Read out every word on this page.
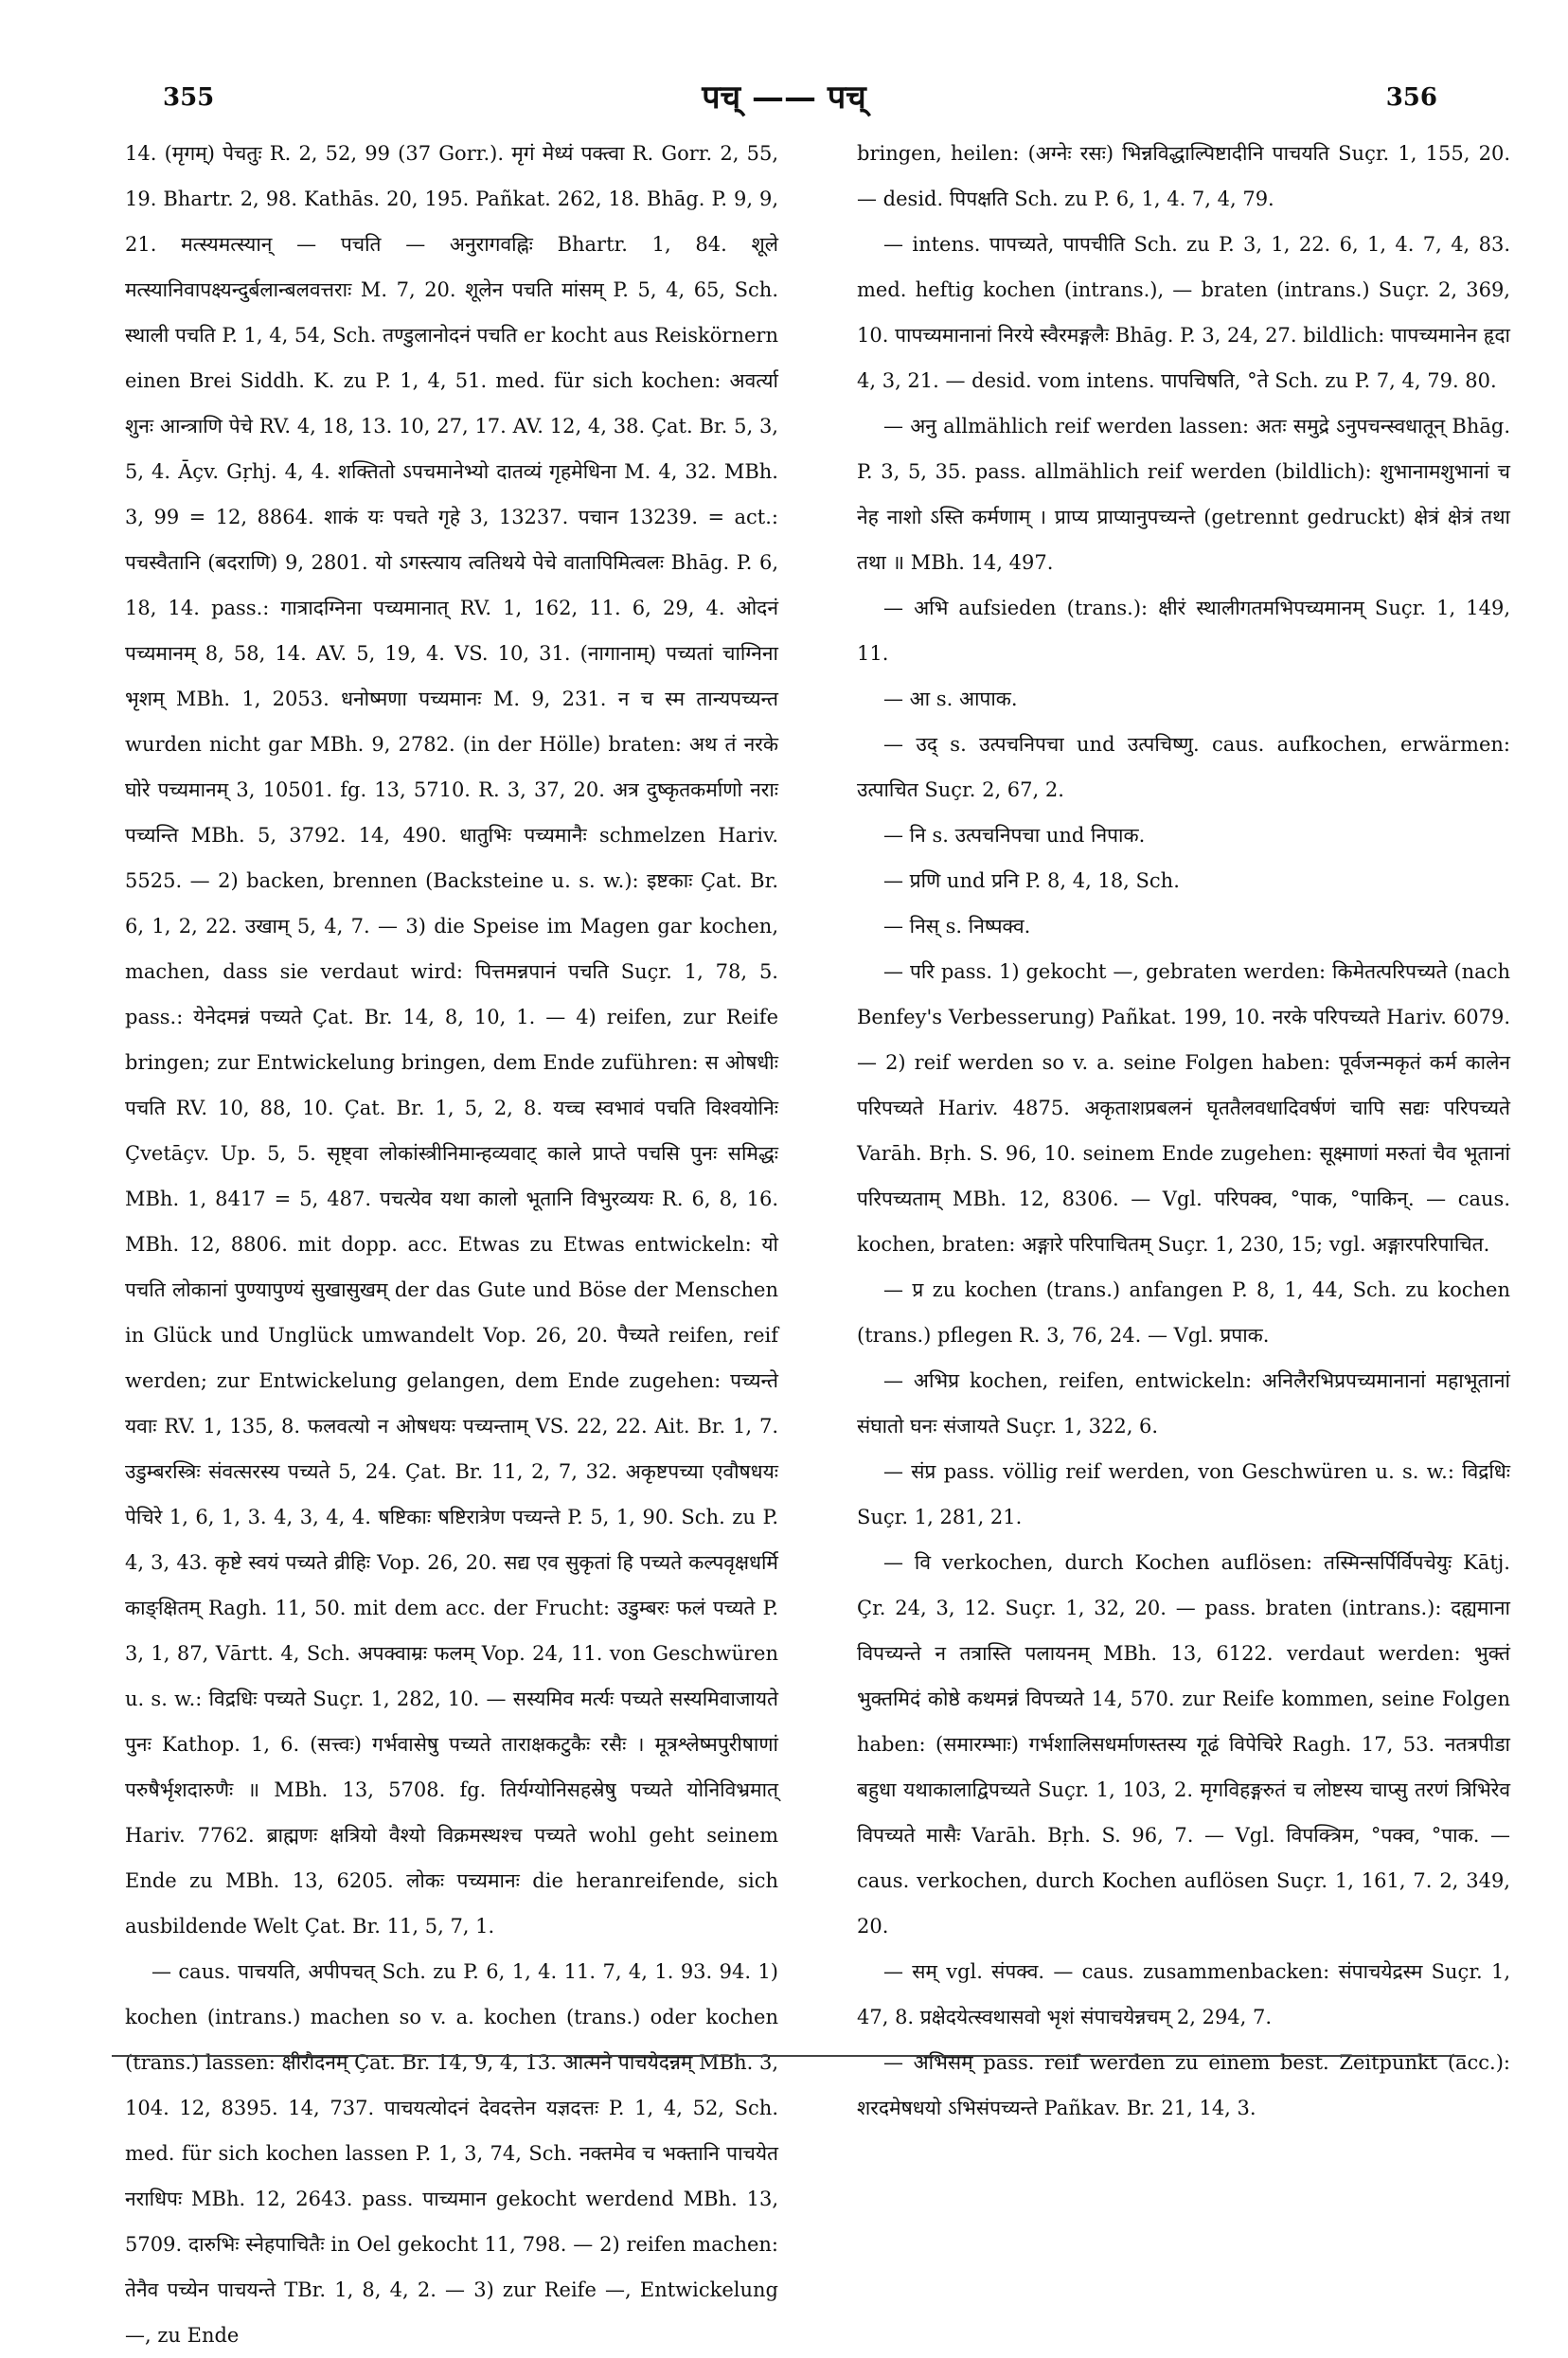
355	पच् —— पच्	356

14. (मृगम्) पेचतुः R. 2, 52, 99 (37 Gorr.). मृगं मेध्यं पक्त्वा R. Gorr. 2, 55, 19. Bhartr. 2, 98. Kathās. 20, 195. Pañkat. 262, 18. Bhāg. P. 9, 9, 21. मत्स्यमत्स्यान् — पचति — अनुरागवह्निः Bhartr. 1, 84. शूले मत्स्यानिवापक्ष्यन्दुर्बलान्बलवत्तराः M. 7, 20. शूलेन पचति मांसम् P. 5, 4, 65, Sch. स्थाली पचति P. 1, 4, 54, Sch. तण्डुलानोदनं पचति er kocht aus Reiskörnern einen Brei Siddh. K. zu P. 1, 4, 51. med. für sich kochen: अवर्त्या शुनः आन्त्राणि पेचे RV. 4, 18, 13. 10, 27, 17. AV. 12, 4, 38. Çat. Br. 5, 3, 5, 4. Āçv. Gṛhj. 4, 4. शक्तितो ऽपचमानेभ्यो दातव्यं गृहमेधिना M. 4, 32. MBh. 3, 99 = 12, 8864. शाकं यः पचते गृहे 3, 13237. पचान 13239. = act.: पचस्वैतानि (बदराणि) 9, 2801. यो ऽगस्त्याय त्वतिथये पेचे वातापिमित्वलः Bhāg. P. 6, 18, 14. pass.: गात्रादग्निना पच्यमानात् RV. 1, 162, 11. 6, 29, 4. ओदनं पच्यमानम् 8, 58, 14. AV. 5, 19, 4. VS. 10, 31. (नागानाम्) पच्यतां चाग्निना भृशम् MBh. 1, 2053. धनोष्मणा पच्यमानः M. 9, 231. न च स्म तान्यपच्यन्त wurden nicht gar MBh. 9, 2782. (in der Hölle) braten: अथ तं नरके घोरे पच्यमानम् 3, 10501. fg. 13, 5710. R. 3, 37, 20. अत्र दुष्कृतकर्माणो नराः पच्यन्ति MBh. 5, 3792. 14, 490. धातुभिः पच्यमानैः schmelzen Hariv. 5525. — 2) backen, brennen (Backsteine u. s. w.): इष्टकाः Çat. Br. 6, 1, 2, 22. उखाम् 5, 4, 7. — 3) die Speise im Magen gar kochen, machen, dass sie verdaut wird: पित्तमन्नपानं पचति Suçr. 1, 78, 5. pass.: येनेदमन्नं पच्यते Çat. Br. 14, 8, 10, 1. — 4) reifen, zur Reife bringen; zur Entwickelung bringen, dem Ende zuführen: स ओषधीः पचति RV. 10, 88, 10. Çat. Br. 1, 5, 2, 8. यच्च स्वभावं पचति विश्वयोनिः Çvetāçv. Up. 5, 5. सृष्ट्वा लोकांस्त्रीनिमान्हव्यवाट् काले प्राप्ते पचसि पुनः समिद्धः MBh. 1, 8417 = 5, 487. पचत्येव यथा कालो भूतानि विभुरव्ययः R. 6, 8, 16. MBh. 12, 8806. mit dopp. acc. Etwas zu Etwas entwickeln: यो पचति लोकानां पुण्यापुण्यं सुखासुखम् der das Gute und Böse der Menschen in Glück und Unglück umwandelt Vop. 26, 20. पैच्यते reifen, reif werden; zur Entwickelung gelangen, dem Ende zugehen: पच्यन्ते यवाः RV. 1, 135, 8. फलवत्यो न ओषधयः पच्यन्ताम् VS. 22, 22. Ait. Br. 1, 7. उडुम्बरस्त्रिः संवत्सरस्य पच्यते 5, 24. Çat. Br. 11, 2, 7, 32. अकृष्टपच्या एवौषधयः पेचिरे 1, 6, 1, 3. 4, 3, 4, 4. षष्टिकाः षष्टिरात्रेण पच्यन्ते P. 5, 1, 90. Sch. zu P. 4, 3, 43. कृष्टे स्वयं पच्यते व्रीहिः Vop. 26, 20. सद्य एव सुकृतां हि पच्यते कल्पवृक्षधर्मि काङ्क्षितम् Ragh. 11, 50. mit dem acc. der Frucht: उडुम्बरः फलं पच्यते P. 3, 1, 87, Vārtt. 4, Sch. अपक्वाम्रः फलम् Vop. 24, 11. von Geschwüren u. s. w.: विद्रधिः पच्यते Suçr. 1, 282, 10. — सस्यमिव मर्त्यः पच्यते सस्यमिवाजायते पुनः Kathop. 1, 6. (सत्त्वः) गर्भवासेषु पच्यते ताराक्षकटुकैः रसैः । मूत्रश्लेष्मपुरीषाणां परुषैर्भृशदारुणैः ॥ MBh. 13, 5708. fg. तिर्यग्योनिसहस्रेषु पच्यते योनिविभ्रमात् Hariv. 7762. ब्राह्मणः क्षत्रियो वैश्यो विक्रमस्थश्च पच्यते wohl geht seinem Ende zu MBh. 13, 6205. लोकः पच्यमानः die heranreifende, sich ausbildende Welt Çat. Br. 11, 5, 7, 1.

— caus. पाचयति, अपीपचत् Sch. zu P. 6, 1, 4. 11. 7, 4, 1. 93. 94. 1) kochen (intrans.) machen so v. a. kochen (trans.) oder kochen (trans.) lassen: क्षीरौदनम् Çat. Br. 14, 9, 4, 13. आत्मने पाचयेदन्नम् MBh. 3, 104. 12, 8395. 14, 737. पाचयत्योदनं देवदत्तेन यज्ञदत्तः P. 1, 4, 52, Sch. med. für sich kochen lassen P. 1, 3, 74, Sch. नक्तमेव च भक्तानि पाचयेत नराधिपः MBh. 12, 2643. pass. पाच्यमान gekocht werdend MBh. 13, 5709. दारुभिः स्नेहपाचितैः in Oel gekocht 11, 798. — 2) reifen machen: तेनैव पच्येन पाचयन्ते TBr. 1, 8, 4, 2. — 3) zur Reife —, Entwickelung —, zu Ende

bringen, heilen: (अग्नेः रसः) भिन्नविद्धाल्पिष्टादीनि पाचयति Suçr. 1, 155, 20. — desid. पिपक्षति Sch. zu P. 6, 1, 4. 7, 4, 79.

— intens. पापच्यते, पापचीति Sch. zu P. 3, 1, 22. 6, 1, 4. 7, 4, 83. med. heftig kochen (intrans.), — braten (intrans.) Suçr. 2, 369, 10. पापच्यमानानां निरये स्वैरमङ्गलैः Bhāg. P. 3, 24, 27. bildlich: पापच्यमानेन हृदा 4, 3, 21. — desid. vom intens. पापचिषति, °ते Sch. zu P. 7, 4, 79. 80.

— अनु allmählich reif werden lassen: अतः समुद्रे ऽनुपचन्स्वधातून् Bhāg. P. 3, 5, 35. pass. allmählich reif werden (bildlich): शुभानामशुभानां च नेह नाशो ऽस्ति कर्मणाम् । प्राप्य प्राप्यानुपच्यन्ते (getrennt gedruckt) क्षेत्रं क्षेत्रं तथा तथा ॥ MBh. 14, 497.

— अभि aufsieden (trans.): क्षीरं स्थालीगतमभिपच्यमानम् Suçr. 1, 149, 11.

— आ s. आपाक.

— उद् s. उत्पचनिपचा und उत्पचिष्णु. caus. aufkochen, erwärmen: उत्पाचित Suçr. 2, 67, 2.

— नि s. उत्पचनिपचा und निपाक.

— प्रणि und प्रनि P. 8, 4, 18, Sch.

— निस् s. निष्पक्व.

— परि pass. 1) gekocht —, gebraten werden: किमेतत्परिपच्यते (nach Benfey's Verbesserung) Pañkat. 199, 10. नरके परिपच्यते Hariv. 6079. — 2) reif werden so v. a. seine Folgen haben: पूर्वजन्मकृतं कर्म कालेन परिपच्यते Hariv. 4875. अकृताशप्रबलनं घृततैलवधादिवर्षणं चापि सद्यः परिपच्यते Varāh. Bṛh. S. 96, 10. seinem Ende zugehen: सूक्ष्माणां मरुतां चैव भूतानां परिपच्यताम् MBh. 12, 8306. — Vgl. परिपक्व, °पाक, °पाकिन्. — caus. kochen, braten: अङ्गारे परिपाचितम् Suçr. 1, 230, 15; vgl. अङ्गारपरिपाचित.

— प्र zu kochen (trans.) anfangen P. 8, 1, 44, Sch. zu kochen (trans.) pflegen R. 3, 76, 24. — Vgl. प्रपाक.

— अभिप्र kochen, reifen, entwickeln: अनिलैरभिप्रपच्यमानानां महाभूतानां संघातो घनः संजायते Suçr. 1, 322, 6.

— संप्र pass. völlig reif werden, von Geschwüren u. s. w.: विद्रधिः Suçr. 1, 281, 21.

— वि verkochen, durch Kochen auflösen: तस्मिन्सर्पिर्विपचेयुः Kātj. Çr. 24, 3, 12. Suçr. 1, 32, 20. — pass. braten (intrans.): दह्यमाना विपच्यन्ते न तत्रास्ति पलायनम् MBh. 13, 6122. verdaut werden: भुक्तं भुक्तमिदं कोष्ठे कथमन्नं विपच्यते 14, 570. zur Reife kommen, seine Folgen haben: (समारम्भाः) गर्भशालिसधर्माणस्तस्य गूढं विपेचिरे Ragh. 17, 53. नतत्रपीडा बहुधा यथाकालाद्विपच्यते Suçr. 1, 103, 2. मृगविहङ्गरुतं च लोष्टस्य चाप्सु तरणं त्रिभिरेव विपच्यते मासैः Varāh. Bṛh. S. 96, 7. — Vgl. विपक्त्रिम, °पक्व, °पाक. — caus. verkochen, durch Kochen auflösen Suçr. 1, 161, 7. 2, 349, 20.

— सम् vgl. संपक्व. — caus. zusammenbacken: संपाचयेद्रस्म Suçr. 1, 47, 8. प्रक्षेदयेत्स्वथासवो भृशं संपाचयेन्नचम् 2, 294, 7.

— अभिसम् pass. reif werden zu einem best. Zeitpunkt (acc.): शरदमेषधयो ऽभिसंपच्यन्ते Pañkav. Br. 21, 14, 3.
